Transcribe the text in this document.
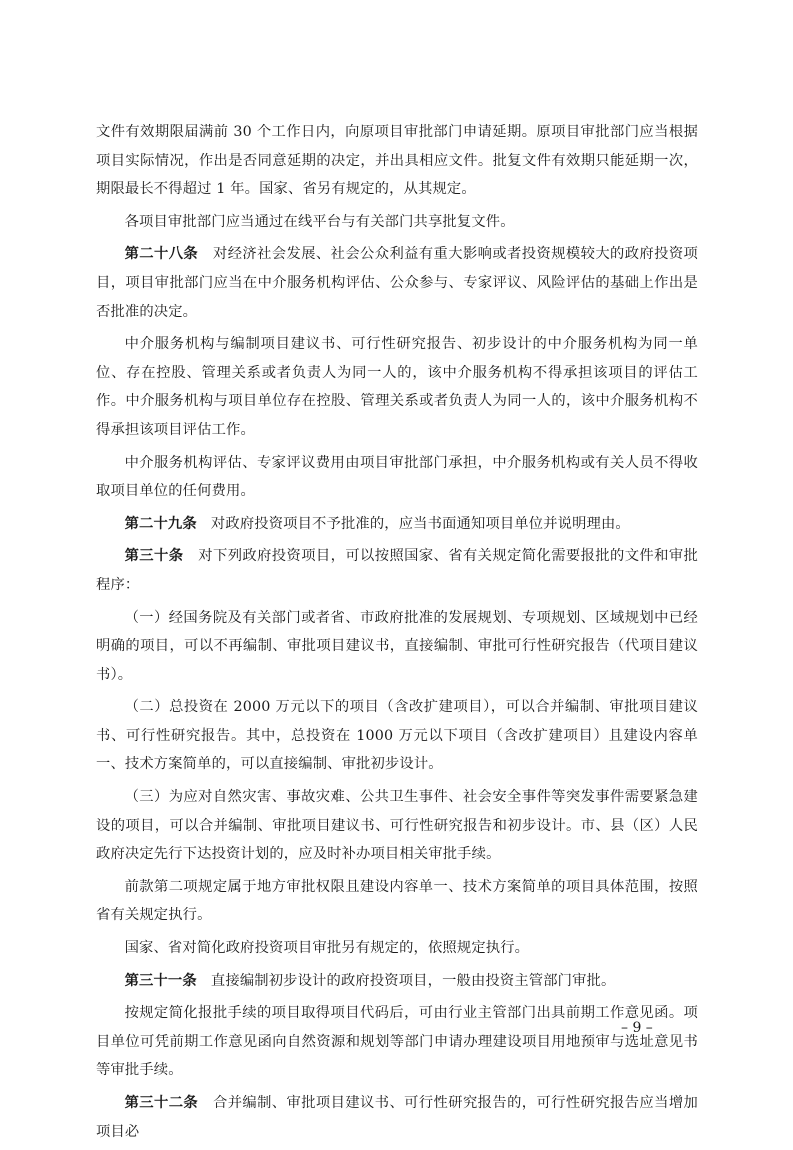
文件有效期限届满前 30 个工作日内，向原项目审批部门申请延期。原项目审批部门应当根据项目实际情况，作出是否同意延期的决定，并出具相应文件。批复文件有效期只能延期一次，期限最长不得超过 1 年。国家、省另有规定的，从其规定。

各项目审批部门应当通过在线平台与有关部门共享批复文件。

第二十八条 对经济社会发展、社会公众利益有重大影响或者投资规模较大的政府投资项目，项目审批部门应当在中介服务机构评估、公众参与、专家评议、风险评估的基础上作出是否批准的决定。

中介服务机构与编制项目建议书、可行性研究报告、初步设计的中介服务机构为同一单位、存在控股、管理关系或者负责人为同一人的，该中介服务机构不得承担该项目的评估工作。中介服务机构与项目单位存在控股、管理关系或者负责人为同一人的，该中介服务机构不得承担该项目评估工作。

中介服务机构评估、专家评议费用由项目审批部门承担，中介服务机构或有关人员不得收取项目单位的任何费用。

第二十九条 对政府投资项目不予批准的，应当书面通知项目单位并说明理由。

第三十条 对下列政府投资项目，可以按照国家、省有关规定简化需要报批的文件和审批程序：

（一）经国务院及有关部门或者省、市政府批准的发展规划、专项规划、区域规划中已经明确的项目，可以不再编制、审批项目建议书，直接编制、审批可行性研究报告（代项目建议书）。

（二）总投资在 2000 万元以下的项目（含改扩建项目），可以合并编制、审批项目建议书、可行性研究报告。其中，总投资在 1000 万元以下项目（含改扩建项目）且建设内容单一、技术方案简单的，可以直接编制、审批初步设计。

（三）为应对自然灾害、事故灾难、公共卫生事件、社会安全事件等突发事件需要紧急建设的项目，可以合并编制、审批项目建议书、可行性研究报告和初步设计。市、县（区）人民政府决定先行下达投资计划的，应及时补办项目相关审批手续。

前款第二项规定属于地方审批权限且建设内容单一、技术方案简单的项目具体范围，按照省有关规定执行。

国家、省对简化政府投资项目审批另有规定的，依照规定执行。

第三十一条 直接编制初步设计的政府投资项目，一般由投资主管部门审批。

按规定简化报批手续的项目取得项目代码后，可由行业主管部门出具前期工作意见函。项目单位可凭前期工作意见函向自然资源和规划等部门申请办理建设项目用地预审与选址意见书等审批手续。

第三十二条 合并编制、审批项目建议书、可行性研究报告的，可行性研究报告应当增加项目必

– 9 –
